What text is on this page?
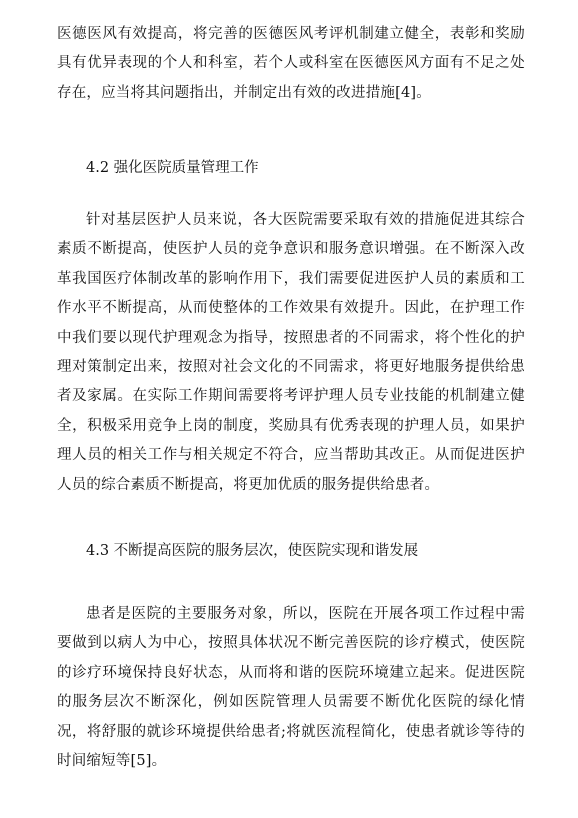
医德医风有效提高，将完善的医德医风考评机制建立健全，表彰和奖励具有优异表现的个人和科室，若个人或科室在医德医风方面有不足之处存在，应当将其问题指出，并制定出有效的改进措施[4]。

4.2 强化医院质量管理工作

针对基层医护人员来说，各大医院需要采取有效的措施促进其综合素质不断提高，使医护人员的竞争意识和服务意识增强。在不断深入改革我国医疗体制改革的影响作用下，我们需要促进医护人员的素质和工作水平不断提高，从而使整体的工作效果有效提升。因此，在护理工作中我们要以现代护理观念为指导，按照患者的不同需求，将个性化的护理对策制定出来，按照对社会文化的不同需求，将更好地服务提供给患者及家属。在实际工作期间需要将考评护理人员专业技能的机制建立健全，积极采用竞争上岗的制度，奖励具有优秀表现的护理人员，如果护理人员的相关工作与相关规定不符合，应当帮助其改正。从而促进医护人员的综合素质不断提高，将更加优质的服务提供给患者。

4.3 不断提高医院的服务层次，使医院实现和谐发展

患者是医院的主要服务对象，所以，医院在开展各项工作过程中需要做到以病人为中心，按照具体状况不断完善医院的诊疗模式，使医院的诊疗环境保持良好状态，从而将和谐的医院环境建立起来。促进医院的服务层次不断深化，例如医院管理人员需要不断优化医院的绿化情况，将舒服的就诊环境提供给患者;将就医流程简化，使患者就诊等待的时间缩短等[5]。
